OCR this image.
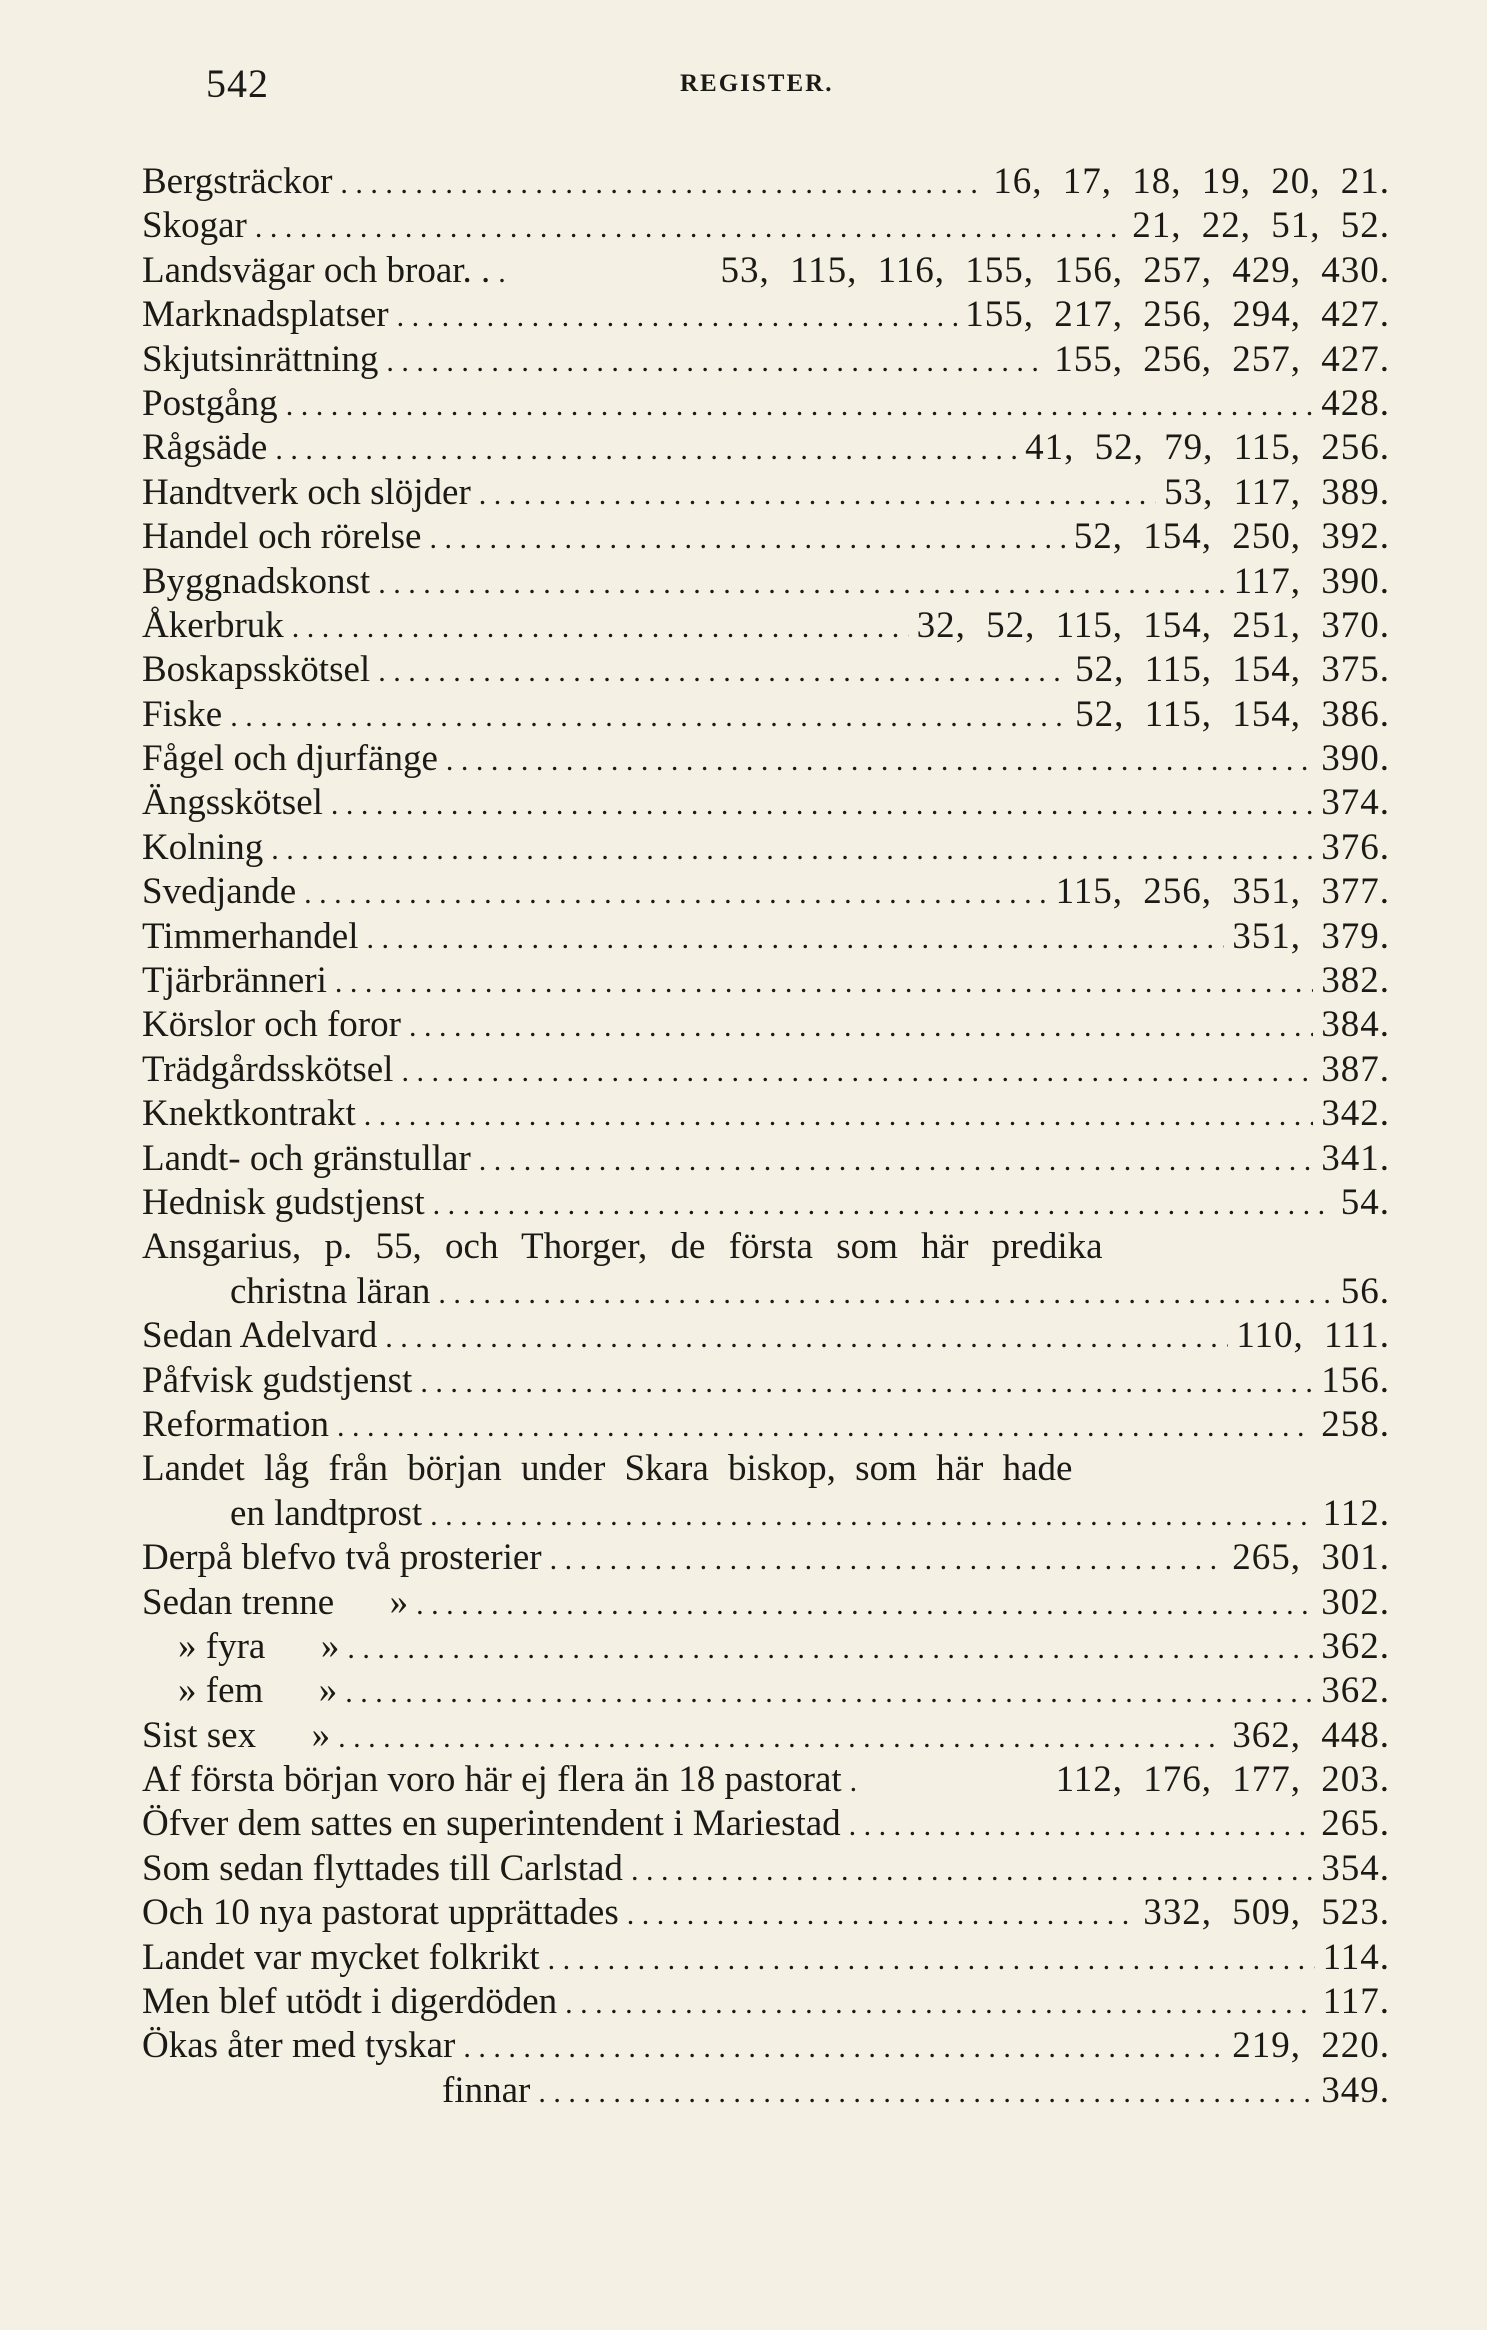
542	REGISTER.
Bergsträckor . . .	16, 17, 18, 19, 20, 21.
Skogar . . .	21, 22, 51, 52.
Landsvägar och broar. . . . .	53, 115, 116, 155, 156, 257, 429, 430.
Marknadsplatser . . .	155, 217, 256, 294, 427.
Skjutsinrättning . . .	155, 256, 257, 427.
Postgång . . .	428.
Rågsäde . . .	41, 52, 79, 115, 256.
Handtverk och slöjder . . .	53, 117, 389.
Handel och rörelse . . .	52, 154, 250, 392.
Byggnadskonst . . .	117, 390.
Åkerbruk . . .	32, 52, 115, 154, 251, 370.
Boskapsskötsel . . .	52, 115, 154, 375.
Fiske . . .	52, 115, 154, 386.
Fågel och djurfänge . . .	390.
Ängsskötsel . . .	374.
Kolning . . .	376.
Svedjande . . .	115, 256, 351, 377.
Timmerhandel . . .	351, 379.
Tjärbränneri . . .	382.
Körslor och foror . . .	384.
Trädgårdsskötsel . . .	387.
Knektkontrakt . . .	342.
Landt- och gränstullar . . .	341.
Hednisk gudstjenst . . .	54.
Ansgarius, p. 55, och Thorger, de första som här predika
christna läran . . .	56.
Sedan Adelvard . . .	110, 111.
Påfvisk gudstjenst . . .	156.
Reformation . . .	258.
Landet låg från början under Skara biskop, som här hade
en landtprost . . .	112.
Derpå blefvo två prosterier . . .	265, 301.
Sedan trenne      » . . .	302.
» fyra      » . . .	362.
» fem      » . . .	362.
Sist sex      » . . .	362, 448.
Af första början voro här ej flera än 18 pastorat . . .	112, 176, 177, 203.
Öfver dem sattes en superintendent i Mariestad . . .	265.
Som sedan flyttades till Carlstad . . .	354.
Och 10 nya pastorat upprättades . . .	332, 509, 523.
Landet var mycket folkrikt . . .	114.
Men blef utödt i digerdöden . . .	117.
Ökas åter med tyskar . . .	219, 220.
finnar . . .	349.
